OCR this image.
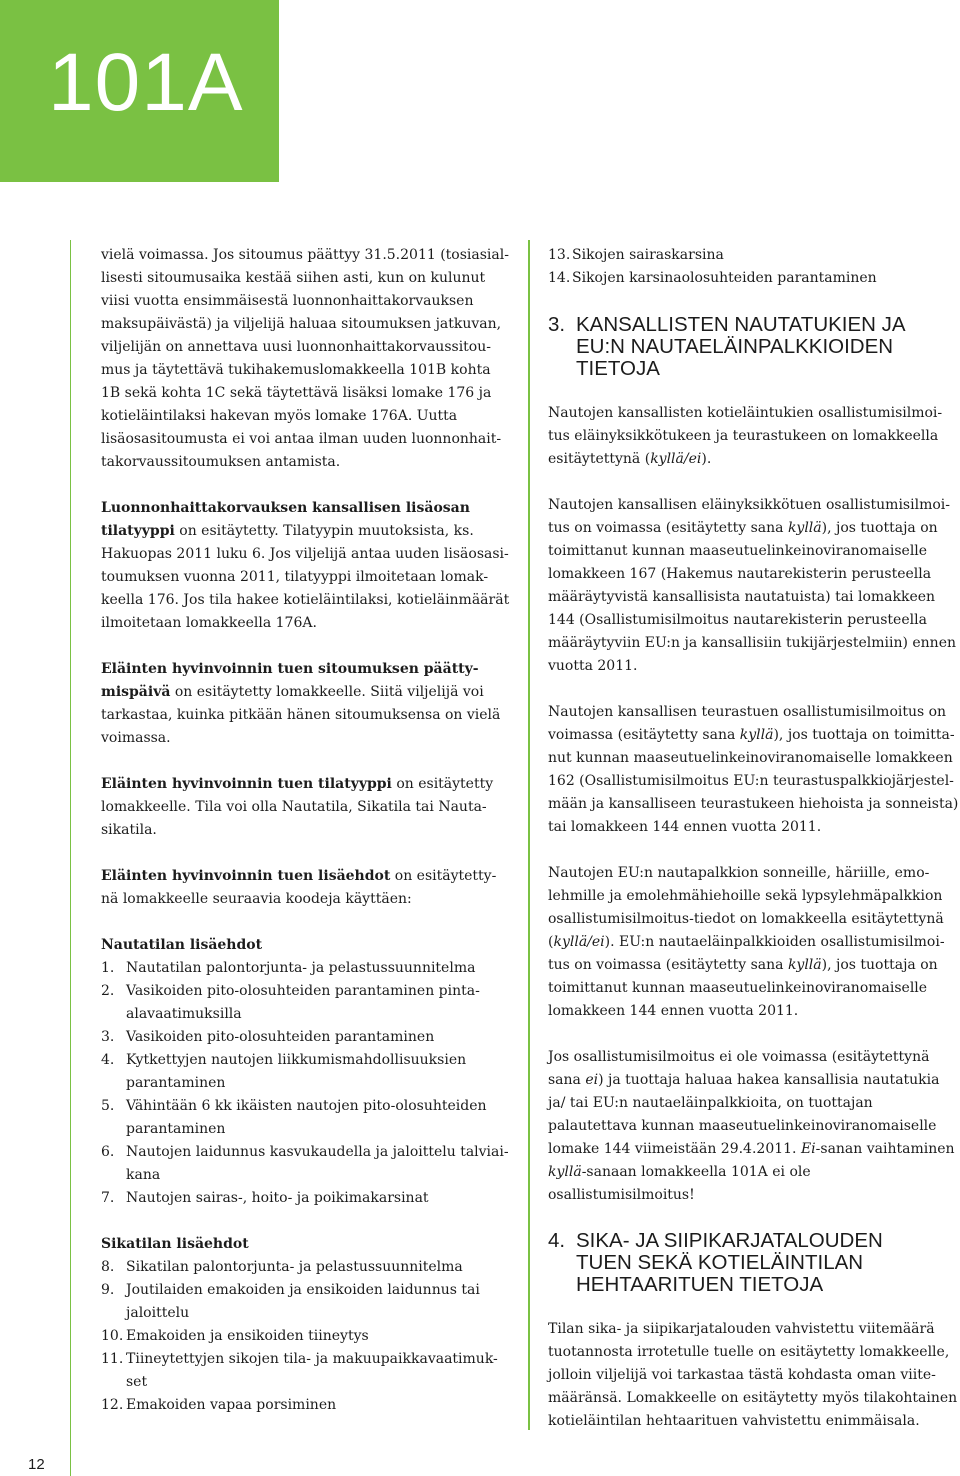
101A
12

vielä voimassa. Jos sitoumus päättyy 31.5.2011 (tosiasial-lisesti sitoumusaika kestää siihen asti, kun on kulunut viisi vuotta ensimmäisestä luonnonhaittakorvauksen maksupäivästä) ja viljelijä haluaa sitoumuksen jatkuvan, viljelijän on annettava uusi luonnonhaittakorvaussitou-mus ja täytettävä tukihakemuslomakkeella 101B kohta 1B sekä kohta 1C sekä täytettävä lisäksi lomake 176 ja kotieläintilaksi hakevan myös lomake 176A. Uutta lisäosasitoumusta ei voi antaa ilman uuden luonnonhait-takorvaussitoumuksen antamista.

Luonnonhaittakorvauksen kansallisen lisäosan tilatyyppi on esitäytetty. Tilatyypin muutoksista, ks. Hakuopas 2011 luku 6. Jos viljelijä antaa uuden lisäosasi-toumuksen vuonna 2011, tilatyyppi ilmoitetaan lomak-keella 176. Jos tila hakee kotieläintilaksi, kotieläinmäärät ilmoitetaan lomakkeella 176A.

Eläinten hyvinvoinnin tuen sitoumuksen päätty-mispäivä on esitäytetty lomakkeelle. Siitä viljelijä voi tarkastaa, kuinka pitkään hänen sitoumuksensa on vielä voimassa.

Eläinten hyvinvoinnin tuen tilatyyppi on esitäytetty lomakkeelle. Tila voi olla Nautatila, Sikatila tai Nauta-sikatila.

Eläinten hyvinvoinnin tuen lisäehdot on esitäytetty-nä lomakkeelle seuraavia koodeja käyttäen:

Nautatilan lisäehdot
1. Nautatilan palontorjunta- ja pelastussuunnitelma
2. Vasikoiden pito-olosuhteiden parantaminen pinta-alavaatimuksilla
3. Vasikoiden pito-olosuhteiden parantaminen
4. Kytkettyjen nautojen liikkumismahdollisuuksien parantaminen
5. Vähintään 6 kk ikäisten nautojen pito-olosuhteiden parantaminen
6. Nautojen laidunnus kasvukaudella ja jaloittelu talviai-kana
7. Nautojen sairas-, hoito- ja poikimakarsinat
Sikatilan lisäehdot
8. Sikatilan palontorjunta- ja pelastussuunnitelma
9. Joutilaiden emakoiden ja ensikoiden laidunnus tai jaloittelu
10. Emakoiden ja ensikoiden tiineytys
11. Tiineytettyjen sikojen tila- ja makuupaikkavaatimuk-set
12. Emakoiden vapaa porsiminen
13. Sikojen sairaskarsina
14. Sikojen karsinaolosuhteiden parantaminen
3. KANSALLISTEN NAUTATUKIEN JA
EU:N NAUTAELÄINPALKKIOIDEN
TIETOJA

Nautojen kansallisten kotieläintukien osallistumisilmoi-tus eläinyksikkötukeen ja teurastukeen on lomakkeella esitäytettynä (kyllä/ei).

Nautojen kansallisen eläinyksikkötuen osallistumisilmoi-tus on voimassa (esitäytetty sana kyllä), jos tuottaja on toimittanut kunnan maaseutuelinkeinoviranomaiselle lomakkeen 167 (Hakemus nautarekisterin perusteella määräytyvistä kansallisista nautatuista) tai lomakkeen 144 (Osallistumisilmoitus nautarekisterin perusteella määräytyviin EU:n ja kansallisiin tukijärjestelmiin) ennen vuotta 2011.

Nautojen kansallisen teurastuen osallistumisilmoitus on voimassa (esitäytetty sana kyllä), jos tuottaja on toimitta-nut kunnan maaseutuelinkeinoviranomaiselle lomakkeen 162 (Osallistumisilmoitus EU:n teurastuspalkkiojärjestel-mään ja kansalliseen teurastukeen hiehoista ja sonneista) tai lomakkeen 144 ennen vuotta 2011.

Nautojen EU:n nautapalkkion sonneille, häriille, emo-lehmille ja emolehmähiehoille sekä lypsylehmäpalkkion osallistumisilmoitus-tiedot on lomakkeella esitäytettynä (kyllä/ei). EU:n nautaeläinpalkkioiden osallistumisilmoi-tus on voimassa (esitäytetty sana kyllä), jos tuottaja on toimittanut kunnan maaseutuelinkeinoviranomaiselle lomakkeen 144 ennen vuotta 2011.

Jos osallistumisilmoitus ei ole voimassa (esitäytettynä sana ei) ja tuottaja haluaa hakea kansallisia nautatukia ja/ tai EU:n nautaeläinpalkkioita, on tuottajan palautettava kunnan maaseutuelinkeinoviranomaiselle lomake 144 viimeistään 29.4.2011. Ei-sanan vaihtaminen kyllä-sanaan lomakkeella 101A ei ole osallistumisilmoitus!

4. SIKA- JA SIIPIKARJATALOUDEN
TUEN SEKÄ KOTIELÄINTILAN
HEHTAARITUEN TIETOJA

Tilan sika- ja siipikarjatalouden vahvistettu viitemäärä tuotannosta irrotetulle tuelle on esitäytetty lomakkeelle, jolloin viljelijä voi tarkastaa tästä kohdasta oman viite-määränsä. Lomakkeelle on esitäytetty myös tilakohtainen kotieläintilan hehtaarituen vahvistettu enimmäisala.
